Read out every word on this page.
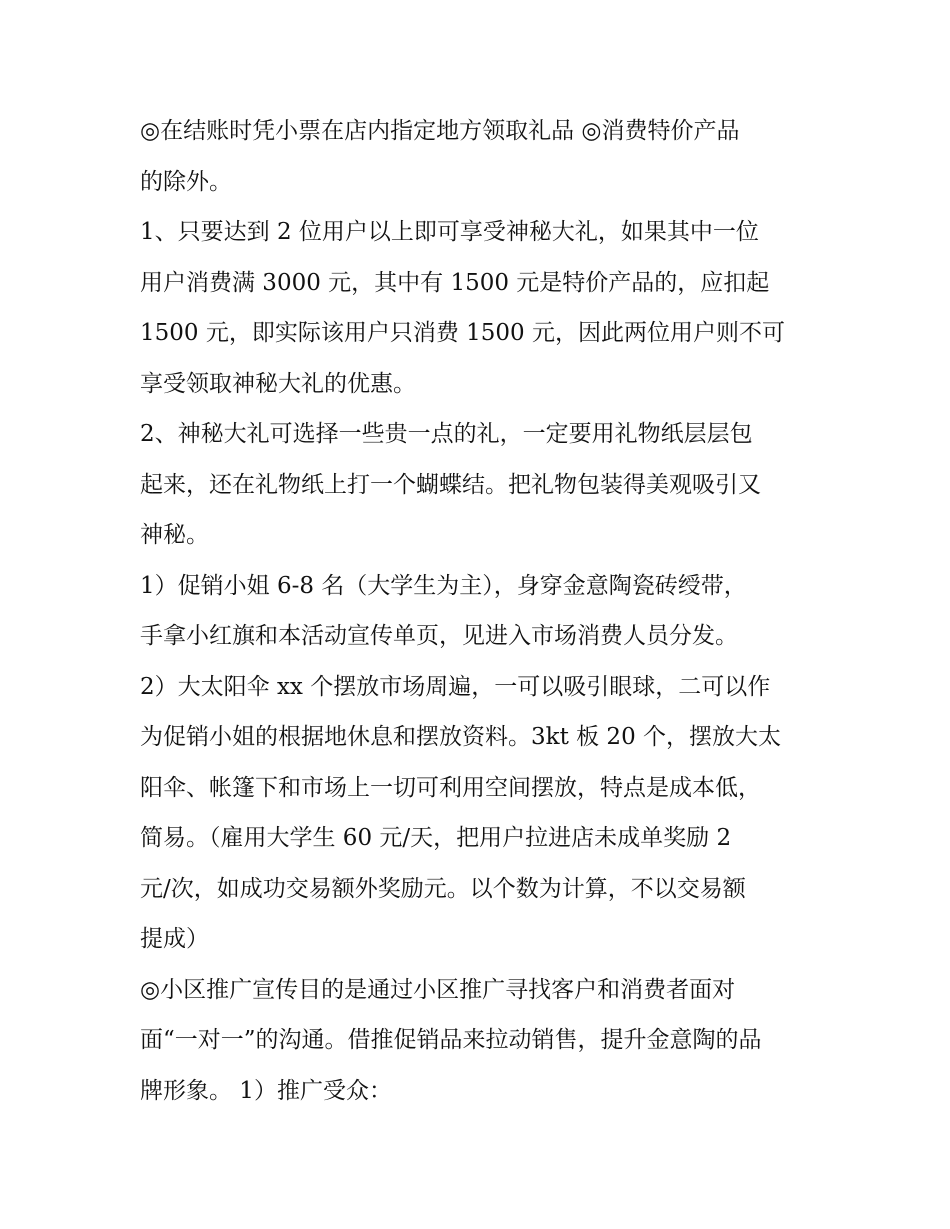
◎在结账时凭小票在店内指定地方领取礼品 ◎消费特价产品
的除外。
1、只要达到 2 位用户以上即可享受神秘大礼，如果其中一位
用户消费满 3000 元，其中有 1500 元是特价产品的，应扣起
1500 元，即实际该用户只消费 1500 元，因此两位用户则不可
享受领取神秘大礼的优惠。
2、神秘大礼可选择一些贵一点的礼，一定要用礼物纸层层包
起来，还在礼物纸上打一个蝴蝶结。把礼物包装得美观吸引又
神秘。
1）促销小姐 6-8 名（大学生为主），身穿金意陶瓷砖绶带，
手拿小红旗和本活动宣传单页，见进入市场消费人员分发。
2）大太阳伞 xx 个摆放市场周遍，一可以吸引眼球，二可以作
为促销小姐的根据地休息和摆放资料。3kt 板 20 个，摆放大太
阳伞、帐篷下和市场上一切可利用空间摆放，特点是成本低，
简易。（雇用大学生 60 元/天，把用户拉进店未成单奖励 2
元/次，如成功交易额外奖励元。以个数为计算，不以交易额
提成）
◎小区推广宣传目的是通过小区推广寻找客户和消费者面对
面“一对一”的沟通。借推促销品来拉动销售，提升金意陶的品
牌形象。 1）推广受众：
